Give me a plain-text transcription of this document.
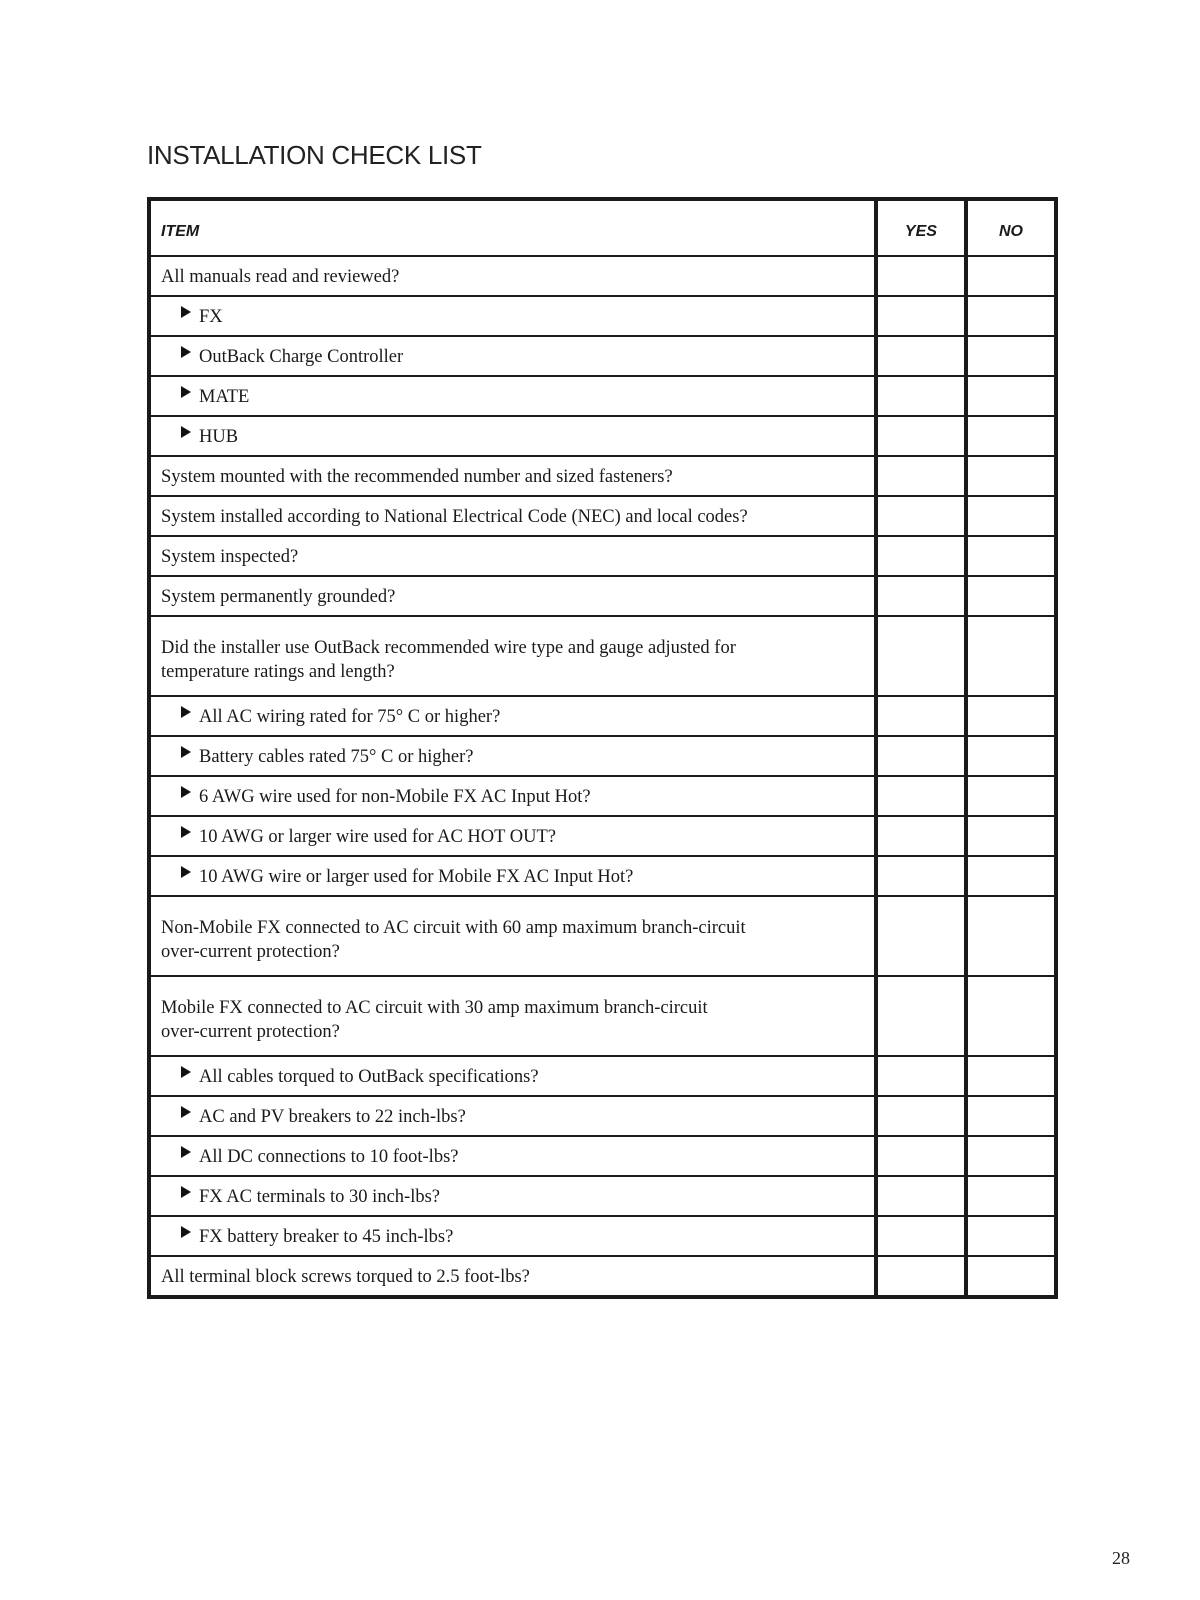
INSTALLATION CHECK LIST
ITEM	YES	NO
All manuals read and reviewed?		
FX		
OutBack Charge Controller		
MATE		
HUB		
System mounted with the recommended number and sized fasteners?		
System installed according to National Electrical Code (NEC) and local codes?		
System inspected?		
System permanently grounded?		
Did the installer use OutBack recommended wire type and gauge adjusted for
temperature ratings and length?		
All AC wiring rated for 75° C or higher?		
Battery cables rated 75° C or higher?		
6 AWG wire used for non-Mobile FX AC Input Hot?		
10 AWG or larger wire used for AC HOT OUT?		
10 AWG wire or larger used for Mobile FX AC Input Hot?		
Non-Mobile FX connected to AC circuit with 60 amp maximum branch-circuit
over-current protection?		
Mobile FX connected to AC circuit with 30 amp maximum branch-circuit
over-current protection?		
All cables torqued to OutBack specifications?		
AC and PV breakers to 22 inch-lbs?		
All DC connections to 10 foot-lbs?		
FX AC terminals to 30 inch-lbs?		
FX battery breaker to 45 inch-lbs?		
All terminal block screws torqued to 2.5 foot-lbs?		
28
